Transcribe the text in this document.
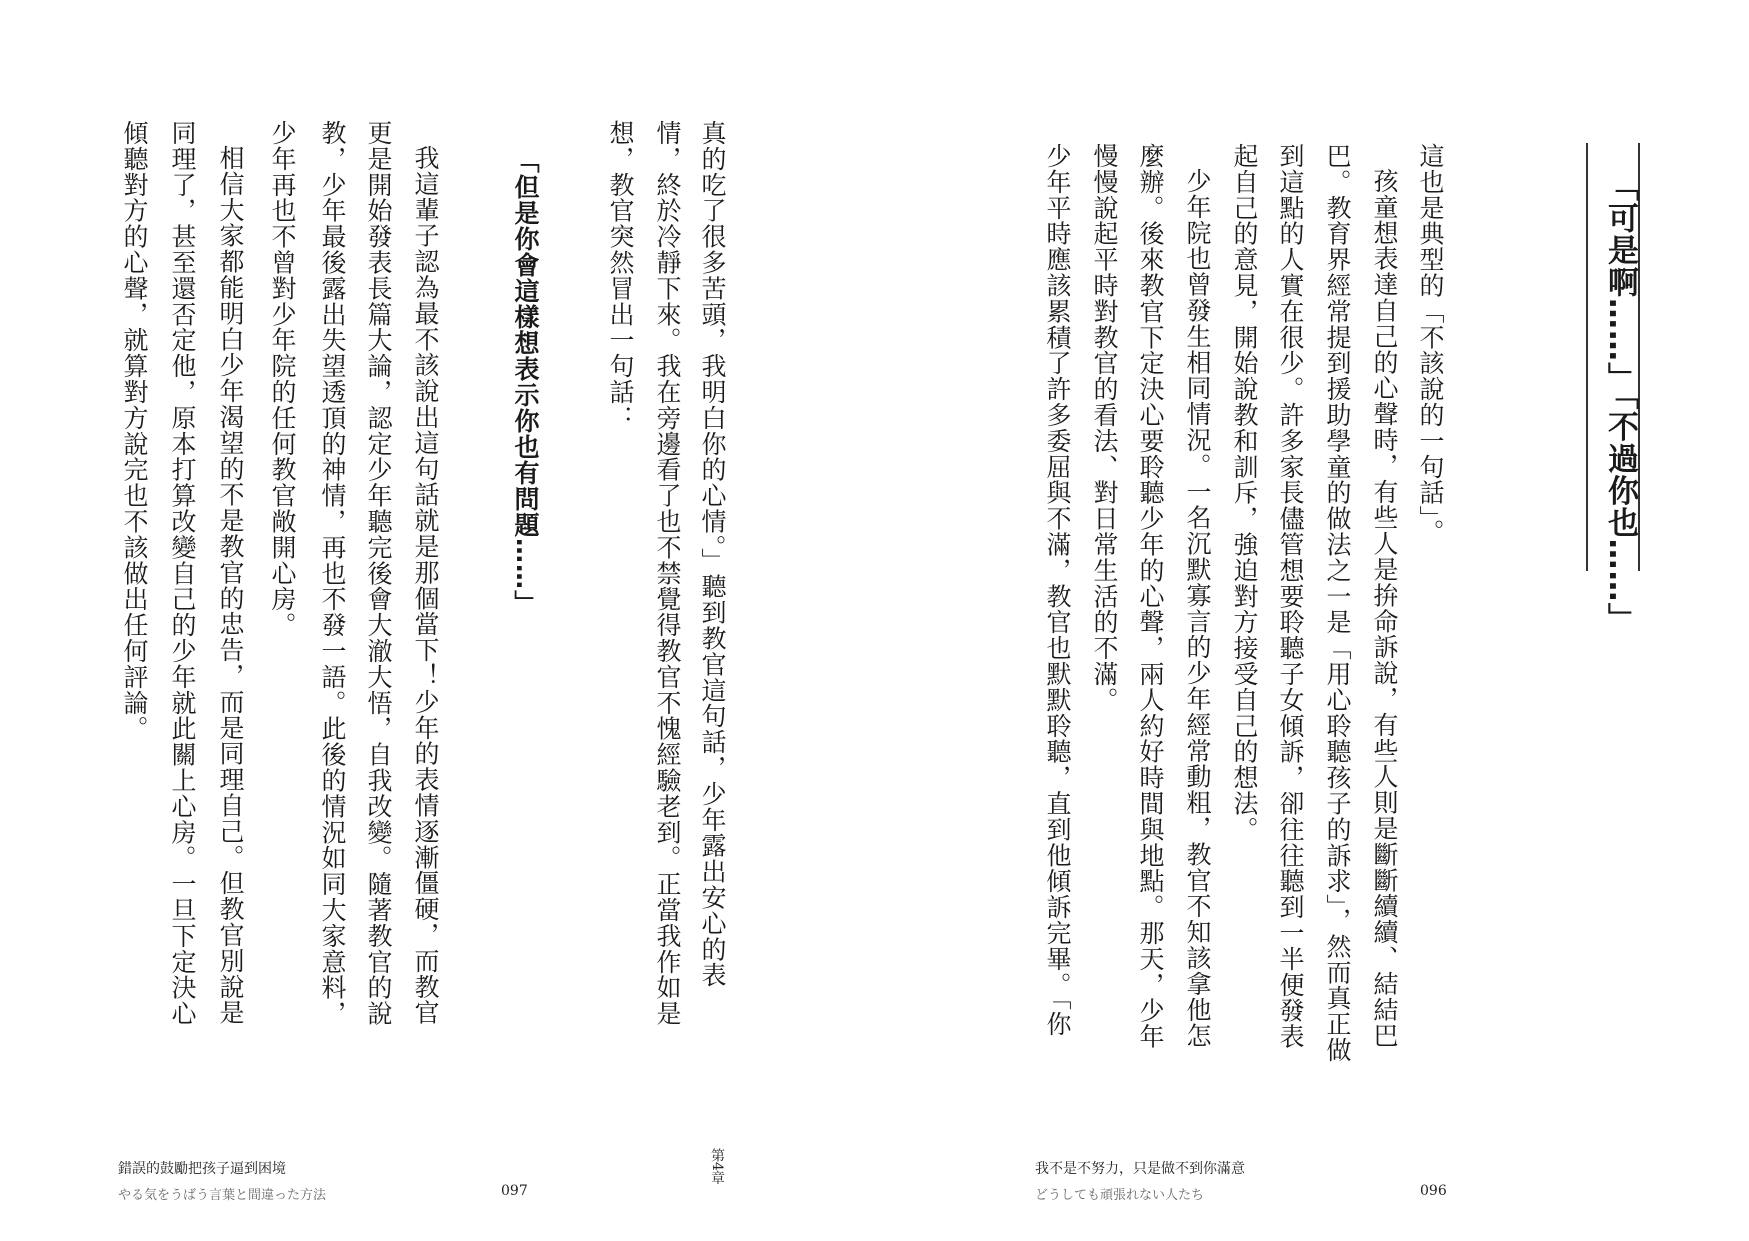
「可是啊……」「不過你也……」
這也是典型的「不該說的一句話」。
孩童想表達自己的心聲時，有些人是拚命訴說，有些人則是斷斷續續、結結巴
巴。教育界經常提到援助學童的做法之一是「用心聆聽孩子的訴求」，然而真正做
到這點的人實在很少。許多家長儘管想要聆聽子女傾訴，卻往往聽到一半便發表
起自己的意見，開始說教和訓斥，強迫對方接受自己的想法。
少年院也曾發生相同情況。一名沉默寡言的少年經常動粗，教官不知該拿他怎
麼辦。後來教官下定決心要聆聽少年的心聲，兩人約好時間與地點。那天，少年
慢慢說起平時對教官的看法、對日常生活的不滿。
少年平時應該累積了許多委屈與不滿，教官也默默聆聽，直到他傾訴完畢。「你
真的吃了很多苦頭，我明白你的心情。」聽到教官這句話，少年露出安心的表
情，終於冷靜下來。我在旁邊看了也不禁覺得教官不愧經驗老到。正當我作如是
想，教官突然冒出一句話：
「但是你會這樣想表示你也有問題……」
我這輩子認為最不該說出這句話就是那個當下！少年的表情逐漸僵硬，而教官
更是開始發表長篇大論，認定少年聽完後會大澈大悟，自我改變。隨著教官的說
教，少年最後露出失望透頂的神情，再也不發一語。此後的情況如同大家意料，
少年再也不曾對少年院的任何教官敞開心房。
相信大家都能明白少年渴望的不是教官的忠告，而是同理自己。但教官別說是
同理了，甚至還否定他，原本打算改變自己的少年就此關上心房。一旦下定決心
傾聽對方的心聲，就算對方說完也不該做出任何評論。
錯誤的鼓勵把孩子逼到困境
やる気をうばう言葉と間違った方法	097
第4章	我不是不努力，只是做不到你滿意
どうしても頑張れない人たち	096
